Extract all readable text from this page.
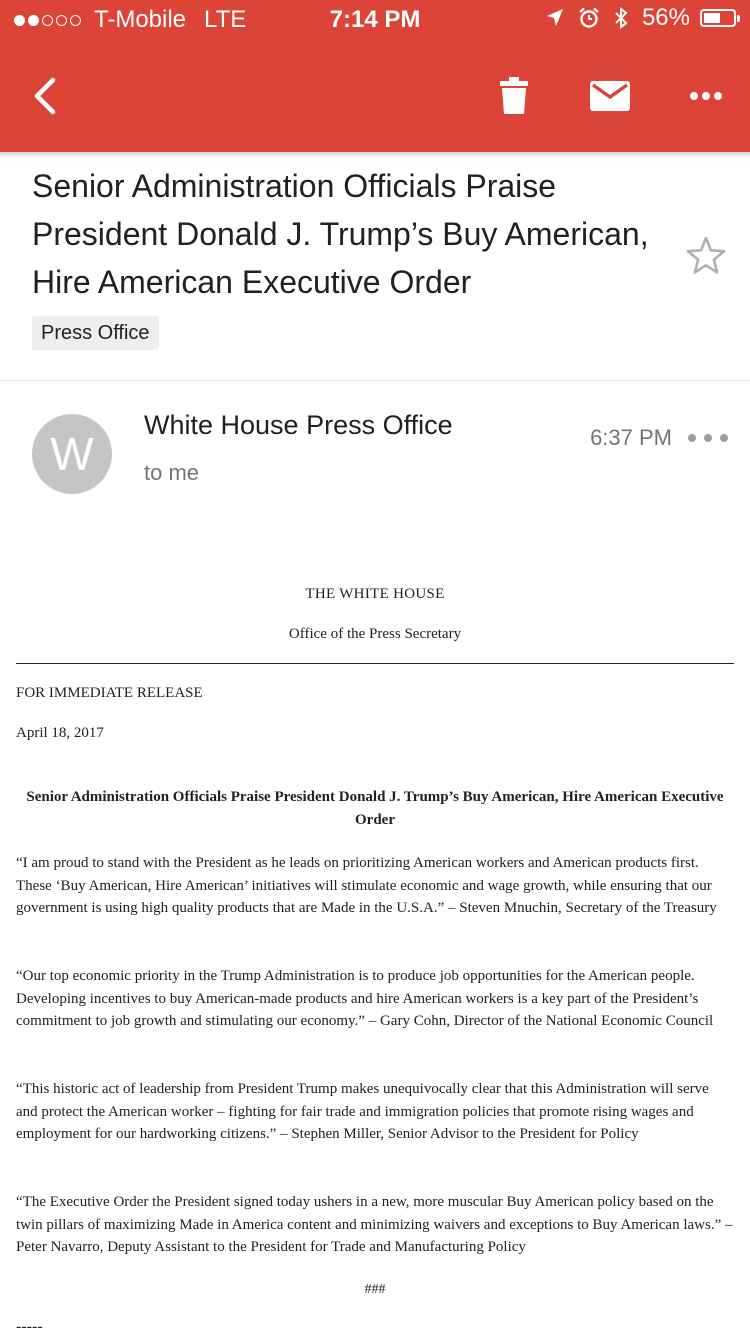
T-Mobile LTE	7:14 PM	56%
Senior Administration Officials Praise President Donald J. Trump’s Buy American, Hire American Executive Order
Press Office
W
White House Press Office
to me
6:37 PM
THE WHITE HOUSE
Office of the Press Secretary
FOR IMMEDIATE RELEASE
April 18, 2017
Senior Administration Officials Praise President Donald J. Trump’s Buy American, Hire American Executive Order
“I am proud to stand with the President as he leads on prioritizing American workers and American products first. These ‘Buy American, Hire American’ initiatives will stimulate economic and wage growth, while ensuring that our government is using high quality products that are Made in the U.S.A.” – Steven Mnuchin, Secretary of the Treasury
“Our top economic priority in the Trump Administration is to produce job opportunities for the American people. Developing incentives to buy American-made products and hire American workers is a key part of the President’s commitment to job growth and stimulating our economy.” – Gary Cohn, Director of the National Economic Council
“This historic act of leadership from President Trump makes unequivocally clear that this Administration will serve and protect the American worker – fighting for fair trade and immigration policies that promote rising wages and employment for our hardworking citizens.” – Stephen Miller, Senior Advisor to the President for Policy
“The Executive Order the President signed today ushers in a new, more muscular Buy American policy based on the twin pillars of maximizing Made in America content and minimizing waivers and exceptions to Buy American laws.” – Peter Navarro, Deputy Assistant to the President for Trade and Manufacturing Policy
###
-----
